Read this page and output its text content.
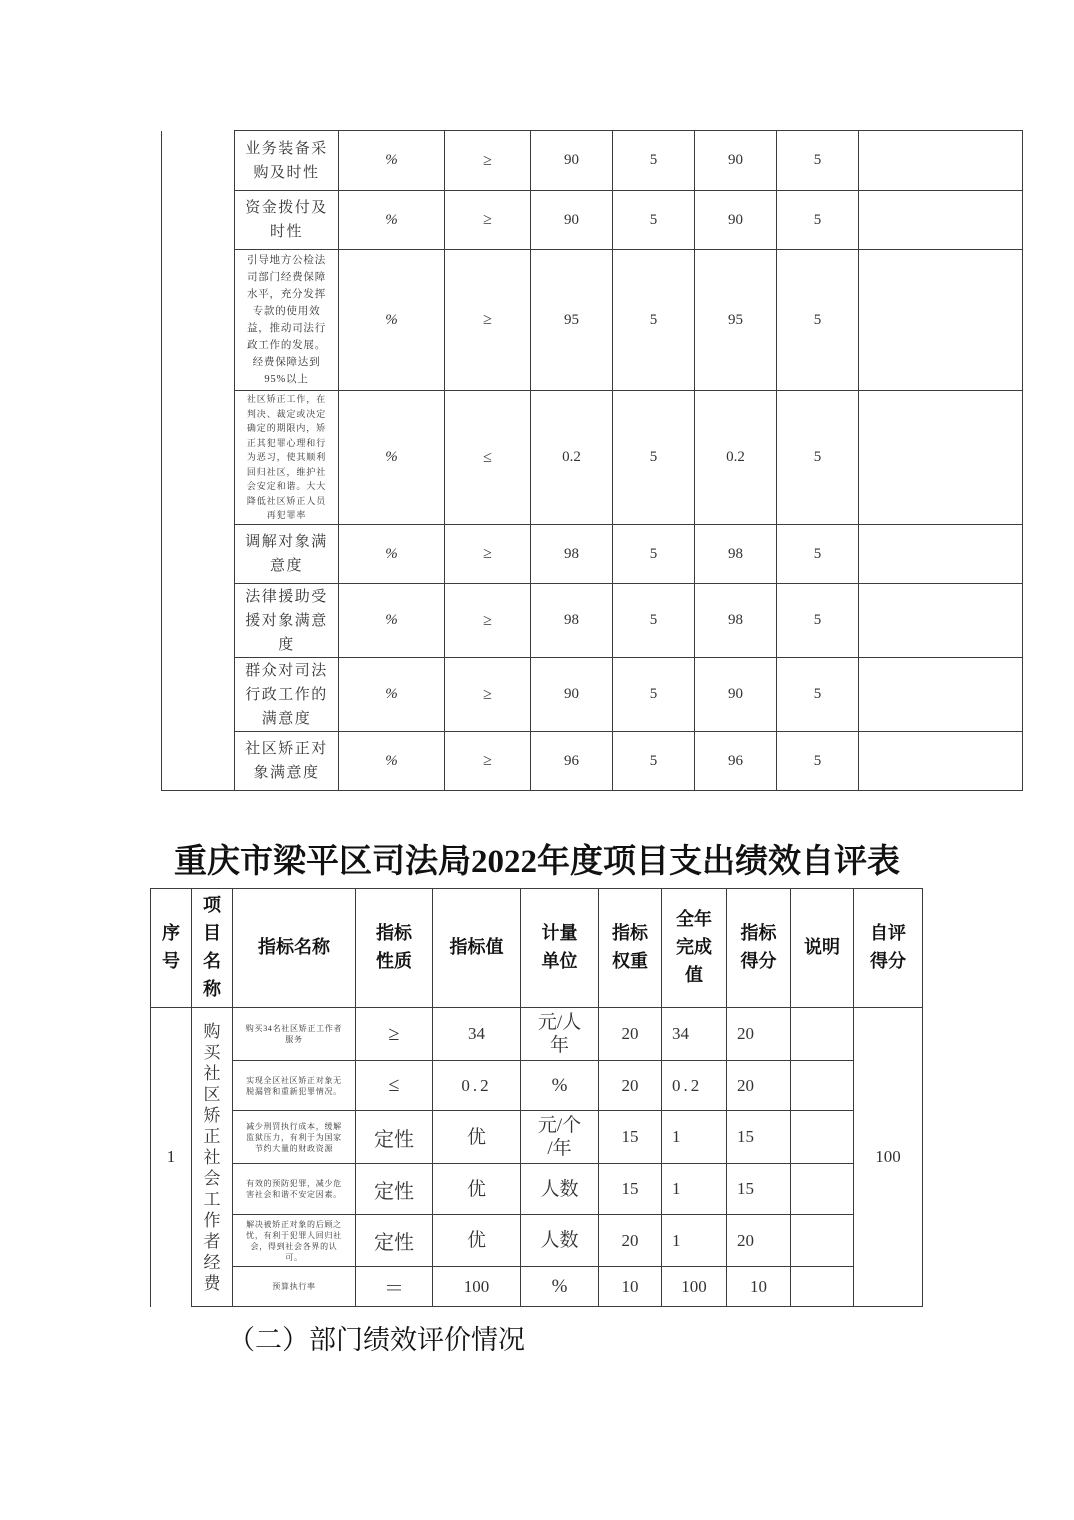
	业务装备采购及时性	%	≥	90	5	90	5	

	资金拨付及时性	%	≥	90	5	90	5	

	引导地方公检法司部门经费保障水平，充分发挥专款的使用效益，推动司法行政工作的发展。经费保障达到95%以上	%	≥	95	5	95	5	

	社区矫正工作，在判决、裁定或决定确定的期限内，矫正其犯罪心理和行为恶习，使其顺利回归社区，维护社会安定和谐。大大降低社区矫正人员再犯罪率	%	≤	0.2	5	0.2	5	

	调解对象满意度	%	≥	98	5	98	5	

	法律援助受援对象满意度	%	≥	98	5	98	5	

	群众对司法行政工作的满意度	%	≥	90	5	90	5	

	社区矫正对象满意度	%	≥	96	5	96	5	
重庆市梁平区司法局2022年度项目支出绩效自评表
序号	项目名称	指标名称	指标性质	指标值	计量单位	指标权重	全年完成值	指标得分	说明	自评得分
1	购买社区矫正社会工作者经费	购买34名社区矫正工作者服务	≥	34	元/人
年	20	34	20		100

		实现全区社区矫正对象无脱漏管和重新犯罪情况。	≤	0.2	%	20	0.2	20		

		减少刑罚执行成本，缓解监狱压力，有利于为国家节约大量的财政资源	定性	优	元/个
/年	15	1	15		

		有效的预防犯罪，减少危害社会和谐不安定因素。	定性	优	人数	15	1	15		

		解决被矫正对象的后顾之忧，有利于犯罪人回归社会，得到社会各界的认可。	定性	优	人数	20	1	20		

		预算执行率	＝	100	%	10	100	10		
（二）部门绩效评价情况
